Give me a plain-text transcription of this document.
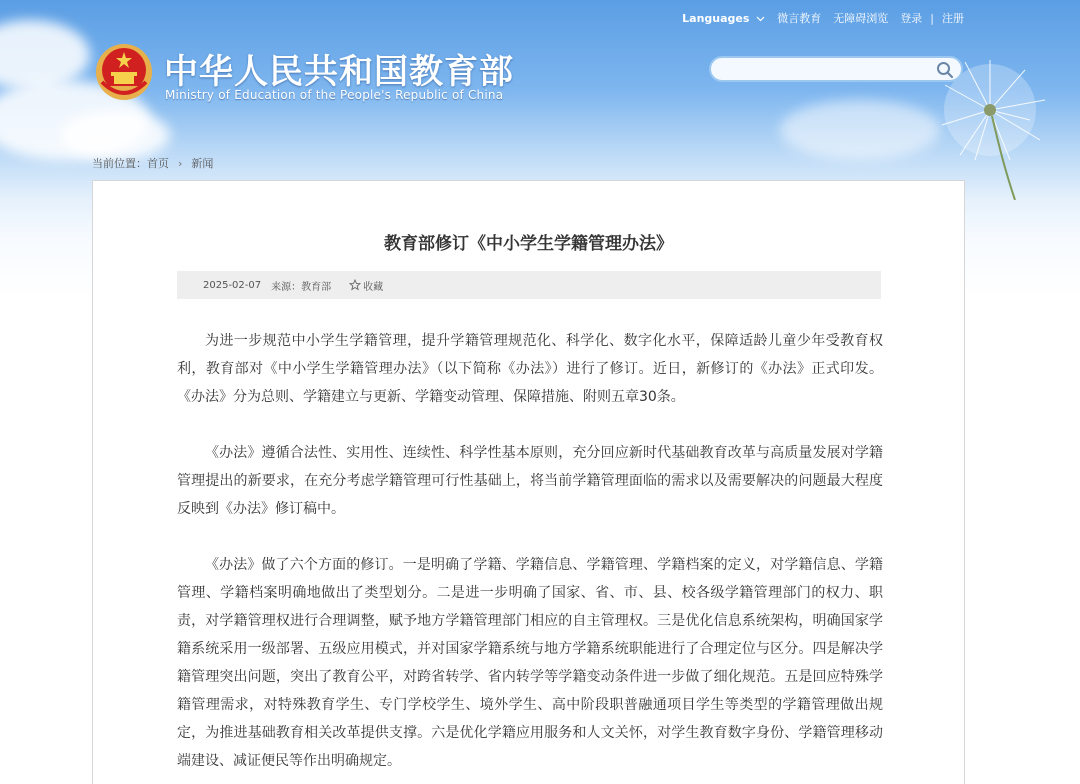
Languages	微言教育 无障碍浏览 登录 | 注册
中华人民共和国教育部
Ministry of Education of the People's Republic of China
当前位置：首页 › 新闻
教育部修订《中小学生学籍管理办法》
2025-02-07 来源：教育部	收藏

为进一步规范中小学生学籍管理，提升学籍管理规范化、科学化、数字化水平，保障适龄儿童少年受教育权利，教育部对《中小学生学籍管理办法》（以下简称《办法》）进行了修订。近日，新修订的《办法》正式印发。《办法》分为总则、学籍建立与更新、学籍变动管理、保障措施、附则五章30条。

《办法》遵循合法性、实用性、连续性、科学性基本原则，充分回应新时代基础教育改革与高质量发展对学籍管理提出的新要求，在充分考虑学籍管理可行性基础上，将当前学籍管理面临的需求以及需要解决的问题最大程度反映到《办法》修订稿中。

《办法》做了六个方面的修订。一是明确了学籍、学籍信息、学籍管理、学籍档案的定义，对学籍信息、学籍管理、学籍档案明确地做出了类型划分。二是进一步明确了国家、省、市、县、校各级学籍管理部门的权力、职责，对学籍管理权进行合理调整，赋予地方学籍管理部门相应的自主管理权。三是优化信息系统架构，明确国家学籍系统采用一级部署、五级应用模式，并对国家学籍系统与地方学籍系统职能进行了合理定位与区分。四是解决学籍管理突出问题，突出了教育公平，对跨省转学、省内转学等学籍变动条件进一步做了细化规范。五是回应特殊学籍管理需求，对特殊教育学生、专门学校学生、境外学生、高中阶段职普融通项目学生等类型的学籍管理做出规定，为推进基础教育相关改革提供支撑。六是优化学籍应用服务和人文关怀，对学生教育数字身份、学籍管理移动端建设、减证便民等作出明确规定。
